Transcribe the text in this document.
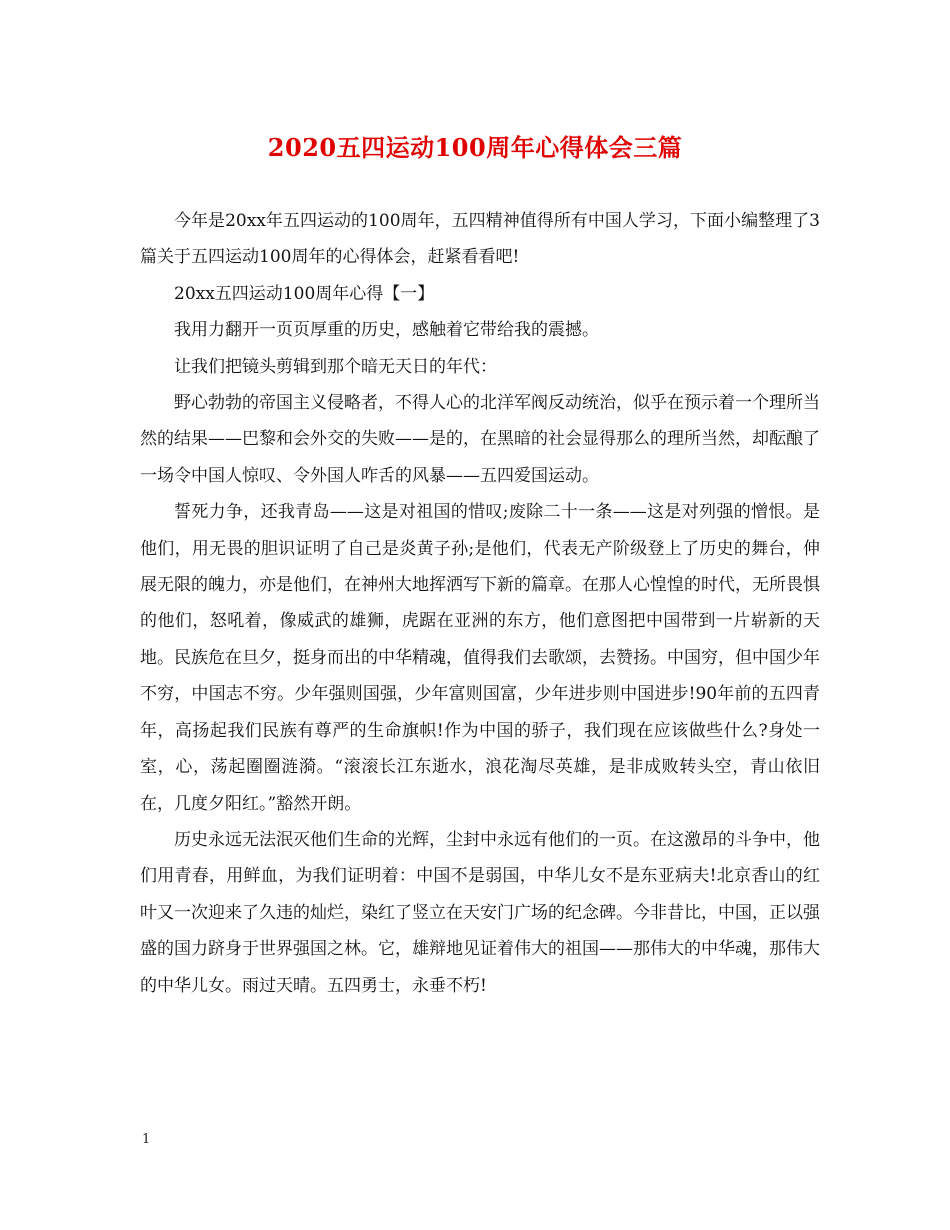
2020五四运动100周年心得体会三篇

今年是20xx年五四运动的100周年，五四精神值得所有中国人学习，下面小编整理了3篇关于五四运动100周年的心得体会，赶紧看看吧!

20xx五四运动100周年心得【一】

我用力翻开一页页厚重的历史，感触着它带给我的震撼。

让我们把镜头剪辑到那个暗无天日的年代：

野心勃勃的帝国主义侵略者，不得人心的北洋军阀反动统治，似乎在预示着一个理所当然的结果——巴黎和会外交的失败——是的，在黑暗的社会显得那么的理所当然，却酝酿了一场令中国人惊叹、令外国人咋舌的风暴——五四爱国运动。

誓死力争，还我青岛——这是对祖国的惜叹;废除二十一条——这是对列强的憎恨。是他们，用无畏的胆识证明了自己是炎黄子孙;是他们，代表无产阶级登上了历史的舞台，伸展无限的魄力，亦是他们，在神州大地挥洒写下新的篇章。在那人心惶惶的时代，无所畏惧的他们，怒吼着，像威武的雄狮，虎踞在亚洲的东方，他们意图把中国带到一片崭新的天地。民族危在旦夕，挺身而出的中华精魂，值得我们去歌颂，去赞扬。中国穷，但中国少年不穷，中国志不穷。少年强则国强，少年富则国富，少年进步则中国进步!90年前的五四青年，高扬起我们民族有尊严的生命旗帜!作为中国的骄子，我们现在应该做些什么?身处一室，心，荡起圈圈涟漪。“滚滚长江东逝水，浪花淘尽英雄，是非成败转头空，青山依旧在，几度夕阳红。”豁然开朗。

历史永远无法泯灭他们生命的光辉，尘封中永远有他们的一页。在这激昂的斗争中，他们用青春，用鲜血，为我们证明着：中国不是弱国，中华儿女不是东亚病夫!北京香山的红叶又一次迎来了久违的灿烂，染红了竖立在天安门广场的纪念碑。今非昔比，中国，正以强盛的国力跻身于世界强国之林。它，雄辩地见证着伟大的祖国——那伟大的中华魂，那伟大的中华儿女。雨过天晴。五四勇士，永垂不朽!

1
